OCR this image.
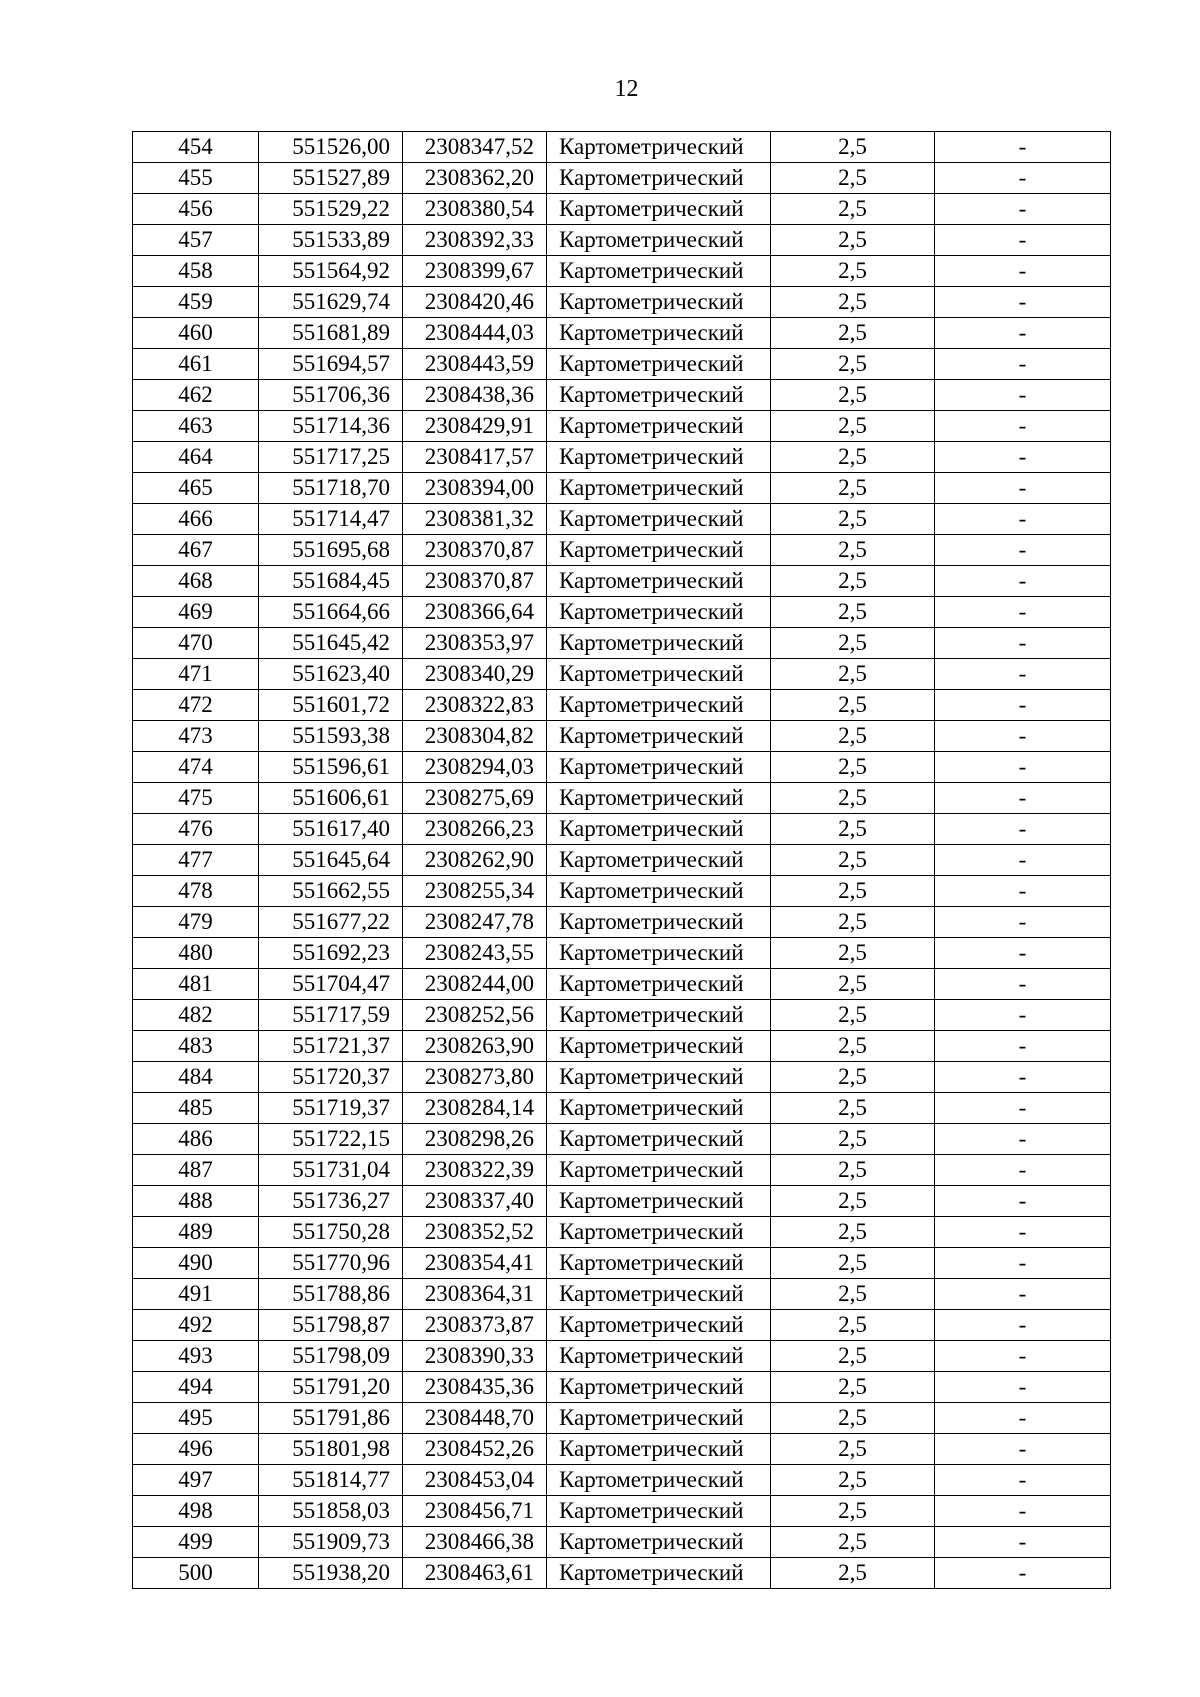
12
454	551526,00	2308347,52	Картометрический	2,5	-
455	551527,89	2308362,20	Картометрический	2,5	-
456	551529,22	2308380,54	Картометрический	2,5	-
457	551533,89	2308392,33	Картометрический	2,5	-
458	551564,92	2308399,67	Картометрический	2,5	-
459	551629,74	2308420,46	Картометрический	2,5	-
460	551681,89	2308444,03	Картометрический	2,5	-
461	551694,57	2308443,59	Картометрический	2,5	-
462	551706,36	2308438,36	Картометрический	2,5	-
463	551714,36	2308429,91	Картометрический	2,5	-
464	551717,25	2308417,57	Картометрический	2,5	-
465	551718,70	2308394,00	Картометрический	2,5	-
466	551714,47	2308381,32	Картометрический	2,5	-
467	551695,68	2308370,87	Картометрический	2,5	-
468	551684,45	2308370,87	Картометрический	2,5	-
469	551664,66	2308366,64	Картометрический	2,5	-
470	551645,42	2308353,97	Картометрический	2,5	-
471	551623,40	2308340,29	Картометрический	2,5	-
472	551601,72	2308322,83	Картометрический	2,5	-
473	551593,38	2308304,82	Картометрический	2,5	-
474	551596,61	2308294,03	Картометрический	2,5	-
475	551606,61	2308275,69	Картометрический	2,5	-
476	551617,40	2308266,23	Картометрический	2,5	-
477	551645,64	2308262,90	Картометрический	2,5	-
478	551662,55	2308255,34	Картометрический	2,5	-
479	551677,22	2308247,78	Картометрический	2,5	-
480	551692,23	2308243,55	Картометрический	2,5	-
481	551704,47	2308244,00	Картометрический	2,5	-
482	551717,59	2308252,56	Картометрический	2,5	-
483	551721,37	2308263,90	Картометрический	2,5	-
484	551720,37	2308273,80	Картометрический	2,5	-
485	551719,37	2308284,14	Картометрический	2,5	-
486	551722,15	2308298,26	Картометрический	2,5	-
487	551731,04	2308322,39	Картометрический	2,5	-
488	551736,27	2308337,40	Картометрический	2,5	-
489	551750,28	2308352,52	Картометрический	2,5	-
490	551770,96	2308354,41	Картометрический	2,5	-
491	551788,86	2308364,31	Картометрический	2,5	-
492	551798,87	2308373,87	Картометрический	2,5	-
493	551798,09	2308390,33	Картометрический	2,5	-
494	551791,20	2308435,36	Картометрический	2,5	-
495	551791,86	2308448,70	Картометрический	2,5	-
496	551801,98	2308452,26	Картометрический	2,5	-
497	551814,77	2308453,04	Картометрический	2,5	-
498	551858,03	2308456,71	Картометрический	2,5	-
499	551909,73	2308466,38	Картометрический	2,5	-
500	551938,20	2308463,61	Картометрический	2,5	-
